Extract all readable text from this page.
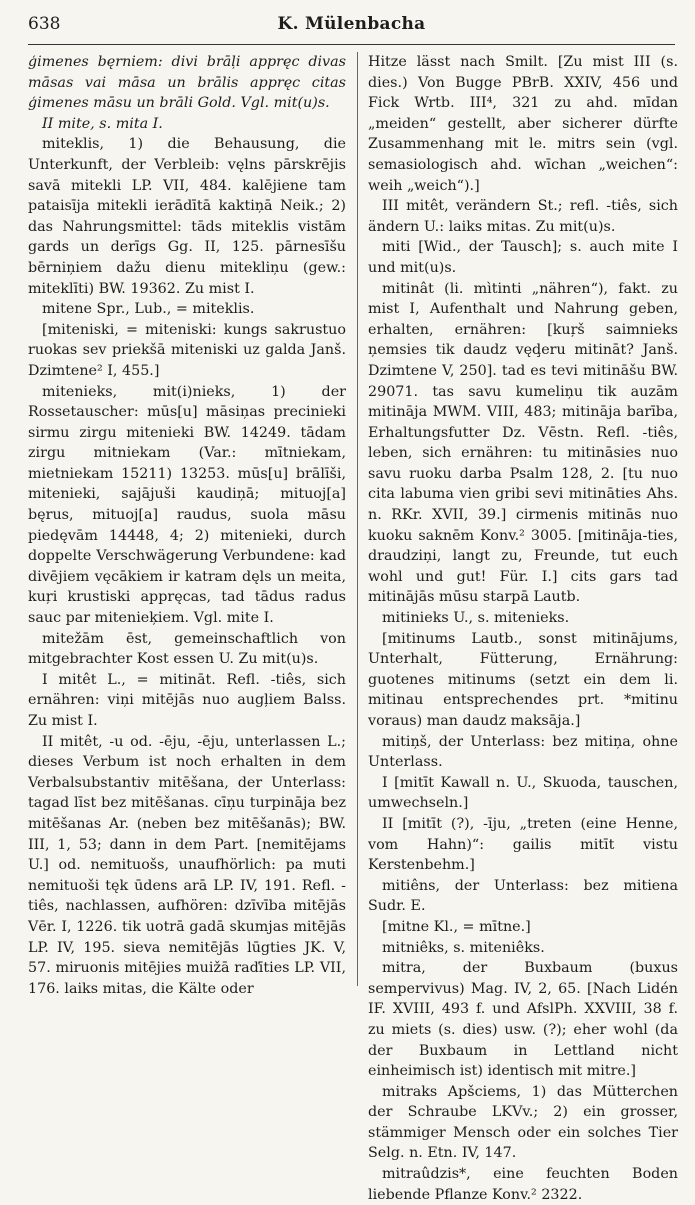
638	K. Mülenbacha

ģimenes bęrniem: divi brāļi appręc divas māsas vai māsa un brālis appręc citas ģimenes māsu un brāli Gold. Vgl. mit(u)s.

II mite, s. mita I.

miteklis, 1) die Behausung, die Unterkunft, der Verbleib: vęlns pārskrējis savā mitekli LP. VII, 484. kalējiene tam pataisīja mitekli ierādītā kaktiņā Neik.; 2) das Nahrungsmittel: tāds miteklis vistām gards un derīgs Gg. II, 125. pārnesīšu bērniņiem dažu dienu mitekliņu (gew.: miteklīti) BW. 19362. Zu mist I.

mitene Spr., Lub., = miteklis.

[miteniski, = miteniski: kungs sakrustuo ruokas sev priekšā miteniski uz galda Janš. Dzimtene² I, 455.]

mitenieks, mit(i)nieks, 1) der Rossetauscher: mūs[u] māsiņas precinieki sirmu zirgu mitenieki BW. 14249. tādam zirgu mitniekam (Var.: mītniekam, mietniekam 15211) 13253. mūs[u] brālīši, mitenieki, sajājuši kaudiņā; mituoj[a] bęrus, mituoj[a] raudus, suola māsu piedęvām 14448, 4; 2) mitenieki, durch doppelte Verschwägerung Verbundene: kad divējiem vęcākiem ir katram dęls un meita, kuŗi krustiski appręcas, tad tādus radus sauc par mitenieķiem. Vgl. mite I.

mitežām ēst, gemeinschaftlich von mitgebrachter Kost essen U. Zu mit(u)s.

I mitêt L., = mitināt. Refl. -tiês, sich ernähren: viņi mitējās nuo augļiem Balss. Zu mist I.

II mitêt, -u od. -ēju, -ēju, unterlassen L.; dieses Verbum ist noch erhalten in dem Verbalsubstantiv mitēšana, der Unterlass: tagad līst bez mitēšanas. cīņu turpināja bez mitēšanas Ar. (neben bez mitēšanās); BW. III, 1, 53; dann in dem Part. [nemitējams U.] od. nemituošs, unaufhörlich: pa muti nemituoši tęk ūdens arā LP. IV, 191. Refl. -tiês, nachlassen, aufhören: dzīvība mitējās Vēr. I, 1226. tik uotrā gadā skumjas mitējās LP. IV, 195. sieva nemitējās lūgties JK. V, 57. miruonis mitējies muižā raďīties LP. VII, 176. laiks mitas, die Kälte oder

Hitze lässt nach Smilt. [Zu mist III (s. dies.) Von Bugge PBrB. XXIV, 456 und Fick Wrtb. III⁴, 321 zu ahd. mīdan „meiden“ gestellt, aber sicherer dürfte Zusammenhang mit le. mitrs sein (vgl. semasiologisch ahd. wīchan „weichen“: weih „weich“).]

III mitêt, verändern St.; refl. -tiês, sich ändern U.: laiks mitas. Zu mit(u)s.

miti [Wid., der Tausch]; s. auch mite I und mit(u)s.

mitinât (li. mìtinti „nähren“), fakt. zu mist I, Aufenthalt und Nahrung geben, erhalten, ernähren: [kuŗš saimnieks ņemsies tik daudz vęḑeru mitināt? Janš. Dzimtene V, 250]. tad es tevi mitināšu BW. 29071. tas savu kumeliņu tik auzām mitināja MWM. VIII, 483; mitināja barība, Erhaltungsfutter Dz. Vēstn. Refl. -tiês, leben, sich ernähren: tu mitināsies nuo savu ruoku darba Psalm 128, 2. [tu nuo cita labuma vien gribi sevi mitināties Ahs. n. RKr. XVII, 39.] cirmenis mitinās nuo kuoku saknēm Konv.² 3005. [mitināja-ties, draudziņi, langt zu, Freunde, tut euch wohl und gut! Für. I.] cits gars tad mitinājās mūsu starpā Lautb.

mitinieks U., s. mitenieks.

[mitinums Lautb., sonst mitinājums, Unterhalt, Fütterung, Ernährung: guotenes mitinums (setzt ein dem li. mitinau entsprechendes prt. *mitinu voraus) man daudz maksāja.]

mitiņš, der Unterlass: bez mitiņa, ohne Unterlass.

I [mitīt Kawall n. U., Skuoda, tauschen, umwechseln.]

II [mitīt (?), -īju, „treten (eine Henne, vom Hahn)“: gailis mitīt vistu Kerstenbehm.]

mitiêns, der Unterlass: bez mitiena Sudr. E.

[mitne Kl., = mītne.]

mitniêks, s. miteniêks.

mitra, der Buxbaum (buxus sempervivus) Mag. IV, 2, 65. [Nach Lidén IF. XVIII, 493 f. und AfslPh. XXVIII, 38 f. zu miets (s. dies) usw. (?); eher wohl (da der Buxbaum in Lettland nicht einheimisch ist) identisch mit mitre.]

mitraks Apšciems, 1) das Mütterchen der Schraube LKVv.; 2) ein grosser, stämmiger Mensch oder ein solches Tier Selg. n. Etn. IV, 147.

mitraûdzis*, eine feuchten Boden liebende Pflanze Konv.² 2322.
